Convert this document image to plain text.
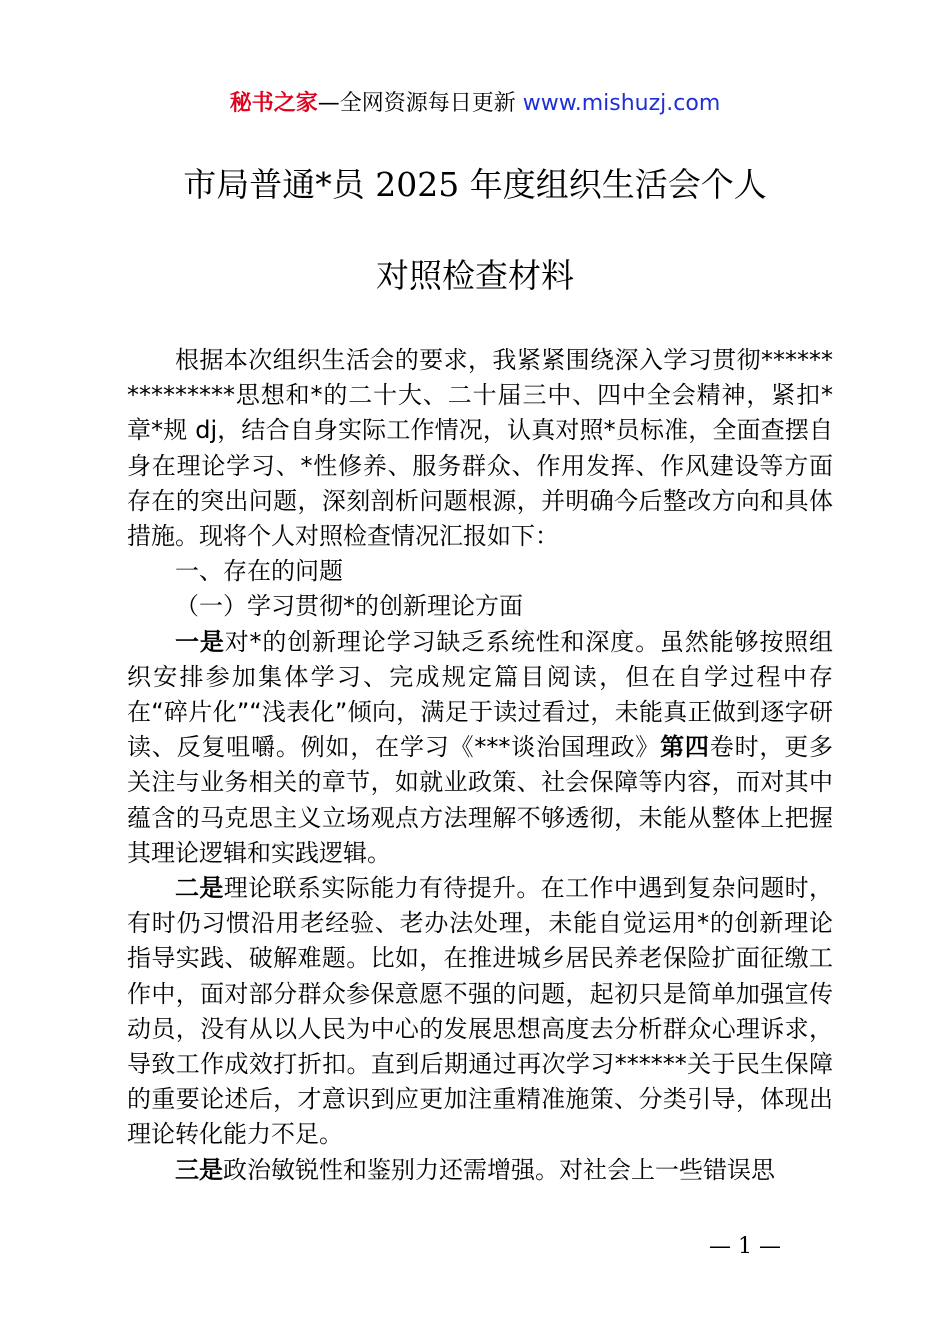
秘书之家—全网资源每日更新 www.mishuzj.com
市局普通*员 2025 年度组织生活会个人
对照检查材料

根据本次组织生活会的要求，我紧紧围绕深入学习贯彻***************思想和*的二十大、二十届三中、四中全会精神，紧扣*章*规 dj，结合自身实际工作情况，认真对照*员标准，全面查摆自身在理论学习、*性修养、服务群众、作用发挥、作风建设等方面存在的突出问题，深刻剖析问题根源，并明确今后整改方向和具体措施。现将个人对照检查情况汇报如下：

一、存在的问题

（一）学习贯彻*的创新理论方面

一是对*的创新理论学习缺乏系统性和深度。虽然能够按照组织安排参加集体学习、完成规定篇目阅读，但在自学过程中存在“碎片化”“浅表化”倾向，满足于读过看过，未能真正做到逐字研读、反复咀嚼。例如，在学习《***谈治国理政》第四卷时，更多关注与业务相关的章节，如就业政策、社会保障等内容，而对其中蕴含的马克思主义立场观点方法理解不够透彻，未能从整体上把握其理论逻辑和实践逻辑。

二是理论联系实际能力有待提升。在工作中遇到复杂问题时，有时仍习惯沿用老经验、老办法处理，未能自觉运用*的创新理论指导实践、破解难题。比如，在推进城乡居民养老保险扩面征缴工作中，面对部分群众参保意愿不强的问题，起初只是简单加强宣传动员，没有从以人民为中心的发展思想高度去分析群众心理诉求，导致工作成效打折扣。直到后期通过再次学习******关于民生保障的重要论述后，才意识到应更加注重精准施策、分类引导，体现出理论转化能力不足。

三是政治敏锐性和鉴别力还需增强。对社会上一些错误思

— 1 —
